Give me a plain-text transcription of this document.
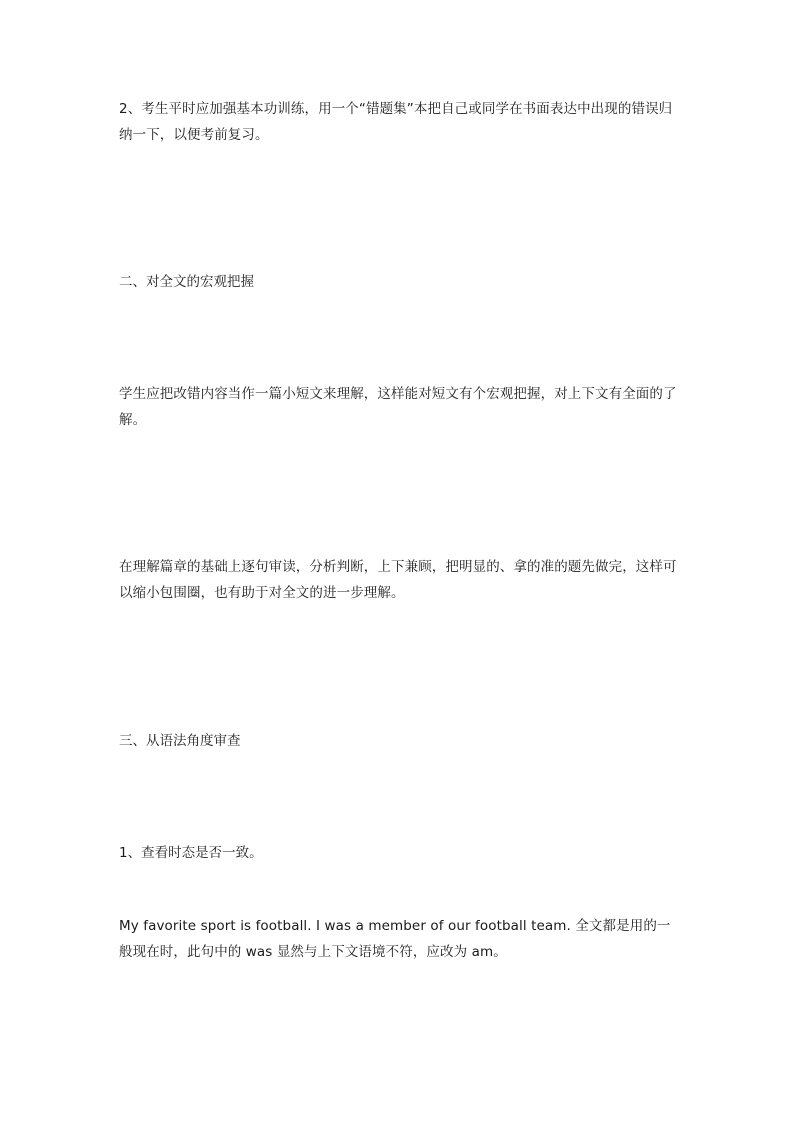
2、考生平时应加强基本功训练，用一个“错题集”本把自己或同学在书面表达中出现的错误归纳一下，以便考前复习。

二、对全文的宏观把握

学生应把改错内容当作一篇小短文来理解，这样能对短文有个宏观把握，对上下文有全面的了解。

在理解篇章的基础上逐句审读，分析判断，上下兼顾，把明显的、拿的准的题先做完，这样可以缩小包围圈，也有助于对全文的进一步理解。

三、从语法角度审查

1、查看时态是否一致。

My favorite sport is football. I was a member of our football team. 全文都是用的一般现在时，此句中的 was 显然与上下文语境不符，应改为 am。
